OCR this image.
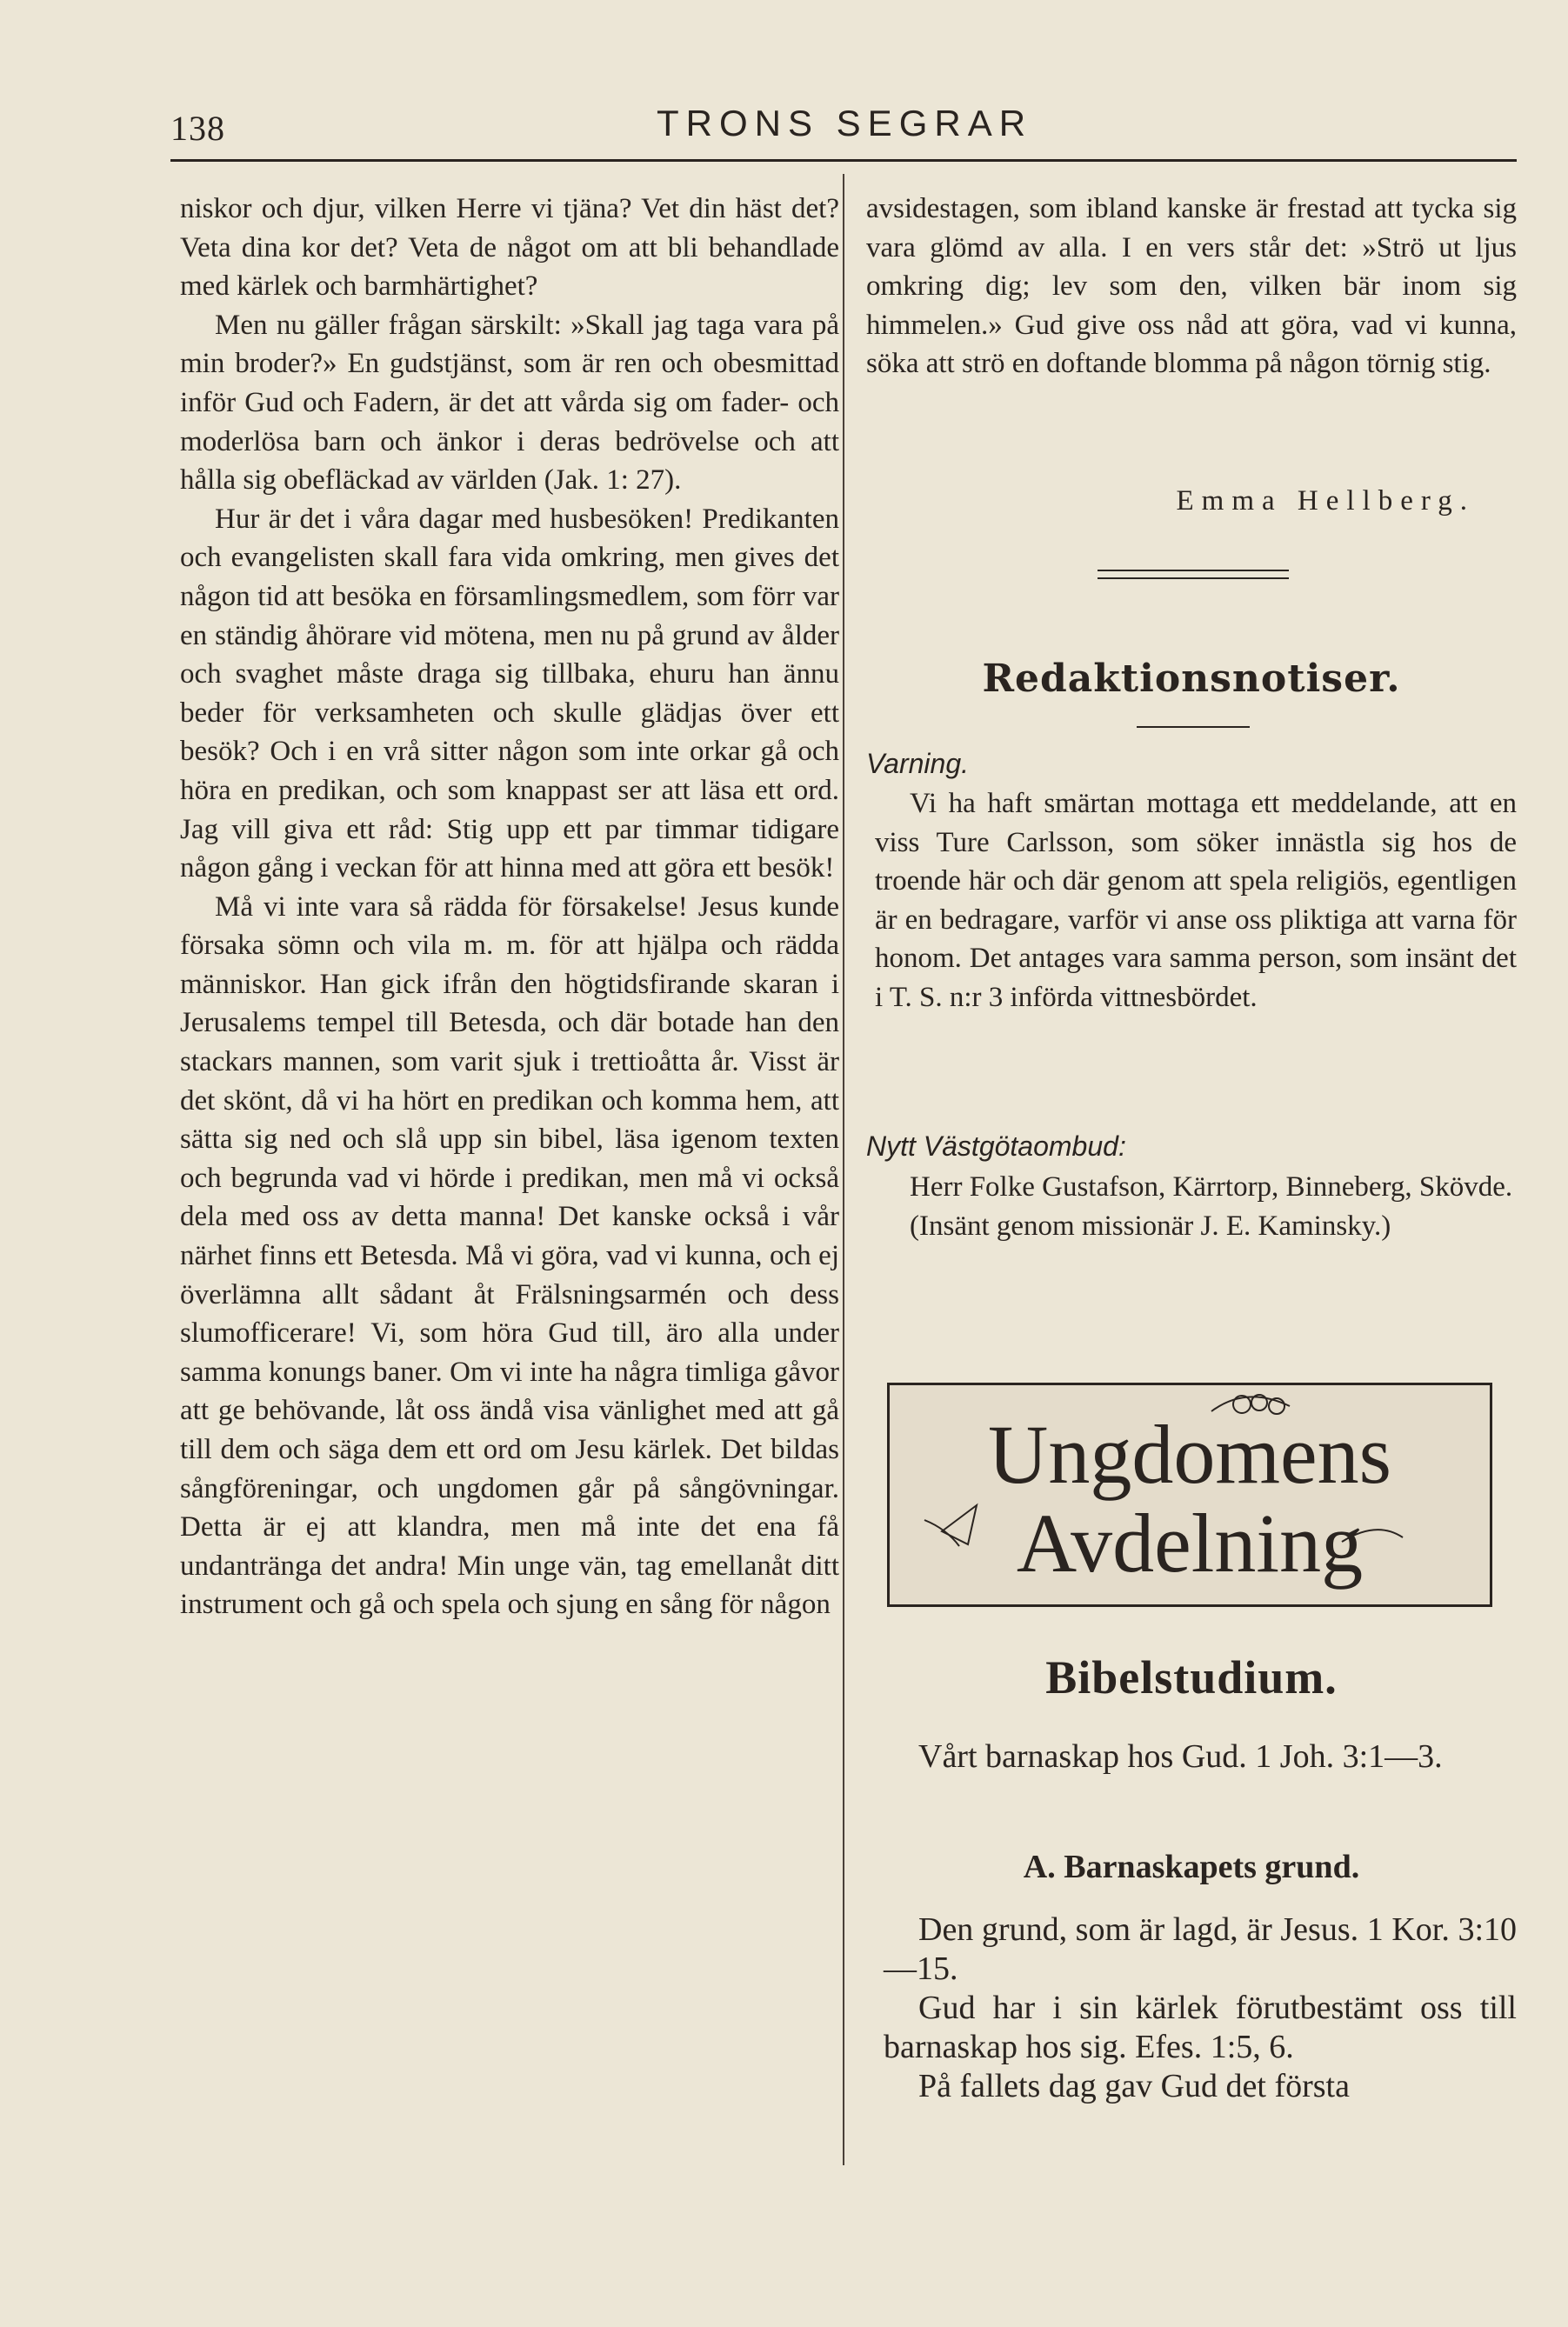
138	TRONS SEGRAR

niskor och djur, vilken Herre vi tjäna? Vet din häst det? Veta dina kor det? Veta de något om att bli behandlade med kärlek och barmhärtighet?

Men nu gäller frågan särskilt: »Skall jag taga vara på min broder?» En gudstjänst, som är ren och obesmittad inför Gud och Fadern, är det att vårda sig om fader- och moderlösa barn och änkor i deras bedrövelse och att hålla sig obefläckad av världen (Jak. 1: 27).

Hur är det i våra dagar med husbesöken! Predikanten och evangelisten skall fara vida omkring, men gives det någon tid att besöka en församlingsmedlem, som förr var en ständig åhörare vid mötena, men nu på grund av ålder och svaghet måste draga sig tillbaka, ehuru han ännu beder för verksamheten och skulle glädjas över ett besök? Och i en vrå sitter någon som inte orkar gå och höra en predikan, och som knappast ser att läsa ett ord. Jag vill giva ett råd: Stig upp ett par timmar tidigare någon gång i veckan för att hinna med att göra ett besök!

Må vi inte vara så rädda för försakelse! Jesus kunde försaka sömn och vila m. m. för att hjälpa och rädda människor. Han gick ifrån den högtidsfirande skaran i Jerusalems tempel till Betesda, och där botade han den stackars mannen, som varit sjuk i trettioåtta år. Visst är det skönt, då vi ha hört en predikan och komma hem, att sätta sig ned och slå upp sin bibel, läsa igenom texten och begrunda vad vi hörde i predikan, men må vi också dela med oss av detta manna! Det kanske också i vår närhet finns ett Betesda. Må vi göra, vad vi kunna, och ej överlämna allt sådant åt Frälsningsarmén och dess slumofficerare! Vi, som höra Gud till, äro alla under samma konungs baner. Om vi inte ha några timliga gåvor att ge behövande, låt oss ändå visa vänlighet med att gå till dem och säga dem ett ord om Jesu kärlek. Det bildas sångföreningar, och ungdomen går på sångövningar. Detta är ej att klandra, men må inte det ena få undantränga det andra! Min unge vän, tag emellanåt ditt instrument och gå och spela och sjung en sång för någon

avsidestagen, som ibland kanske är frestad att tycka sig vara glömd av alla. I en vers står det: »Strö ut ljus omkring dig; lev som den, vilken bär inom sig himmelen.» Gud give oss nåd att göra, vad vi kunna, söka att strö en doftande blomma på någon törnig stig.

Emma Hellberg.
Redaktionsnotiser.
Varning.

Vi ha haft smärtan mottaga ett meddelande, att en viss Ture Carlsson, som söker innästla sig hos de troende här och där genom att spela religiös, egentligen är en bedragare, varför vi anse oss pliktiga att varna för honom. Det antages vara samma person, som insänt det i T. S. n:r 3 införda vittnesbördet.

Nytt Västgötaombud:

Herr Folke Gustafson, Kärrtorp, Binneberg, Skövde.

(Insänt genom missionär J. E. Kaminsky.)

Ungdomens
Avdelning
Bibelstudium.

Vårt barnaskap hos Gud. 1 Joh. 3:1—3.

A. Barnaskapets grund.

Den grund, som är lagd, är Jesus. 1 Kor. 3:10—15.

Gud har i sin kärlek förutbestämt oss till barnaskap hos sig. Efes. 1:5, 6.

På fallets dag gav Gud det första
